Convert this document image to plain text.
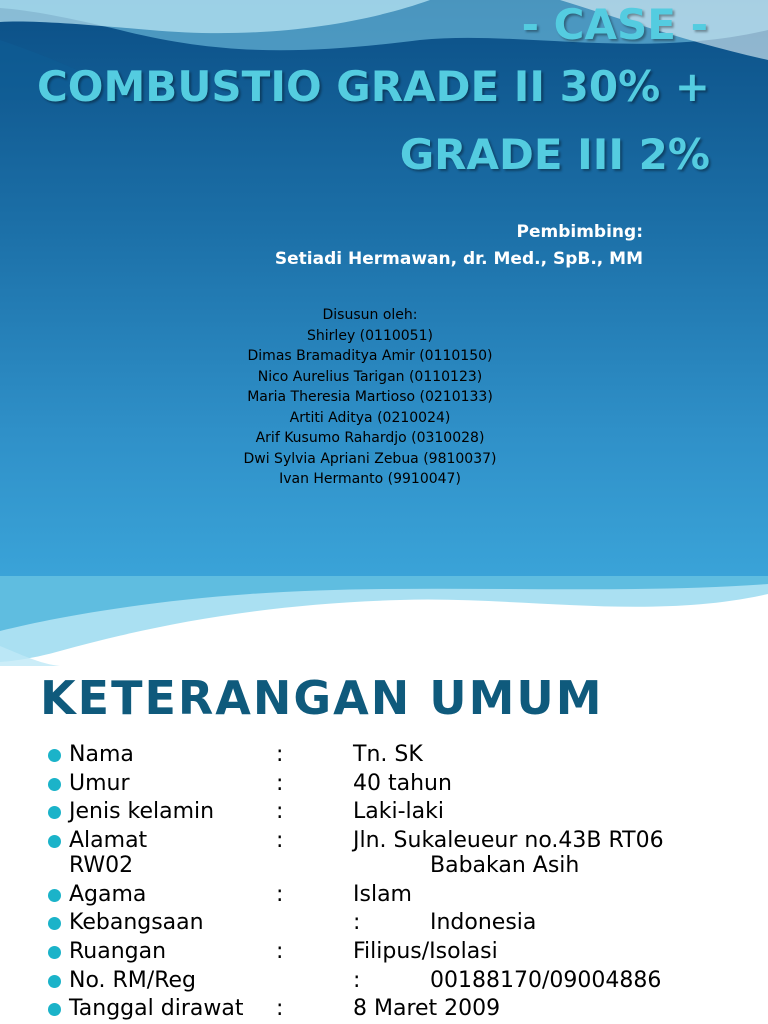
- CASE -
COMBUSTIO GRADE II 30% +
GRADE III 2%
Pembimbing:
Setiadi Hermawan, dr. Med., SpB., MM
Disusun oleh:
Shirley (0110051)
Dimas Bramaditya Amir (0110150)
Nico Aurelius Tarigan (0110123)
Maria Theresia Martioso (0210133)
Artiti Aditya (0210024)
Arif Kusumo Rahardjo (0310028)
Dwi Sylvia Apriani Zebua (9810037)
Ivan Hermanto (9910047)
KETERANGAN UMUM
Nama	:	Tn. SK
Umur	:	40 tahun
Jenis kelamin	:	Laki-laki
Alamat	:	Jln. Sukaleueur no.43B RT06
RW02	Babakan Asih
Agama	:	Islam
Kebangsaan	:	Indonesia
Ruangan	:	Filipus/Isolasi
No. RM/Reg	:	00188170/09004886
Tanggal dirawat :	8 Maret 2009
